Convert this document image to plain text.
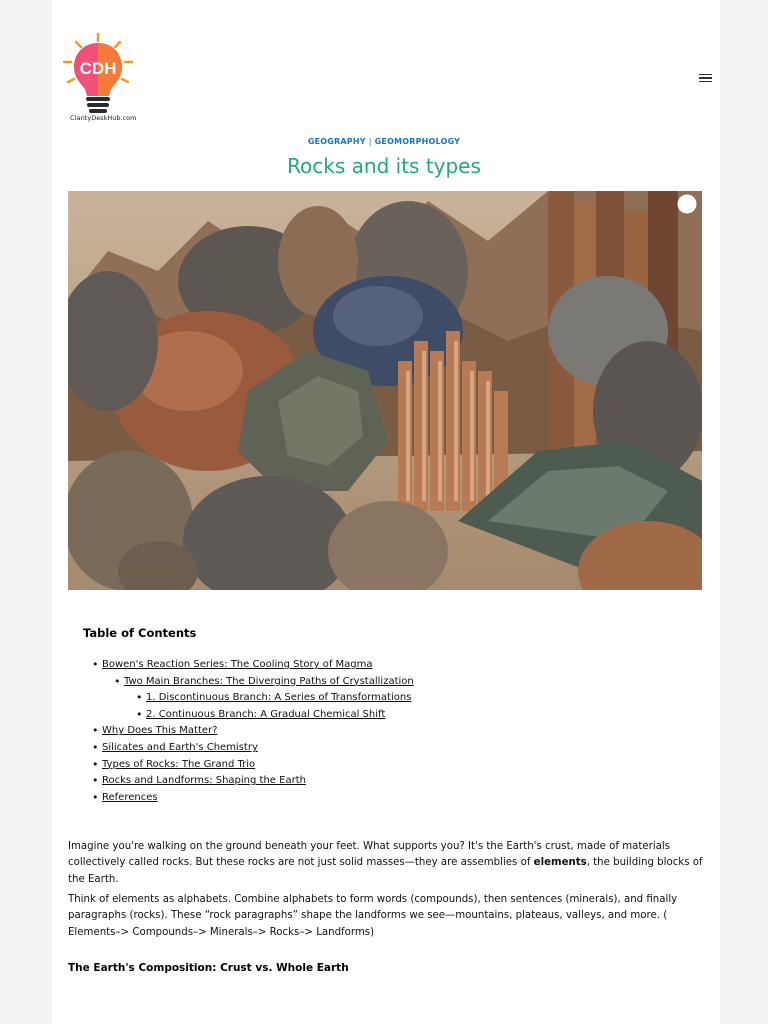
CDH
ClarityDeskHub.com
GEOGRAPHY | GEOMORPHOLOGY
Rocks and its types
Table of Contents
• Bowen's Reaction Series: The Cooling Story of Magma
• Two Main Branches: The Diverging Paths of Crystallization
• 1. Discontinuous Branch: A Series of Transformations
• 2. Continuous Branch: A Gradual Chemical Shift
• Why Does This Matter?
• Silicates and Earth's Chemistry
• Types of Rocks: The Grand Trio
• Rocks and Landforms: Shaping the Earth
• References

Imagine you're walking on the ground beneath your feet. What supports you? It's the Earth's crust, made of materials collectively called rocks. But these rocks are not just solid masses—they are assemblies of elements, the building blocks of the Earth.

Think of elements as alphabets. Combine alphabets to form words (compounds), then sentences (minerals), and finally paragraphs (rocks). These “rock paragraphs” shape the landforms we see—mountains, plateaus, valleys, and more. ( Elements–> Compounds–> Minerals–> Rocks–> Landforms)

The Earth's Composition: Crust vs. Whole Earth
